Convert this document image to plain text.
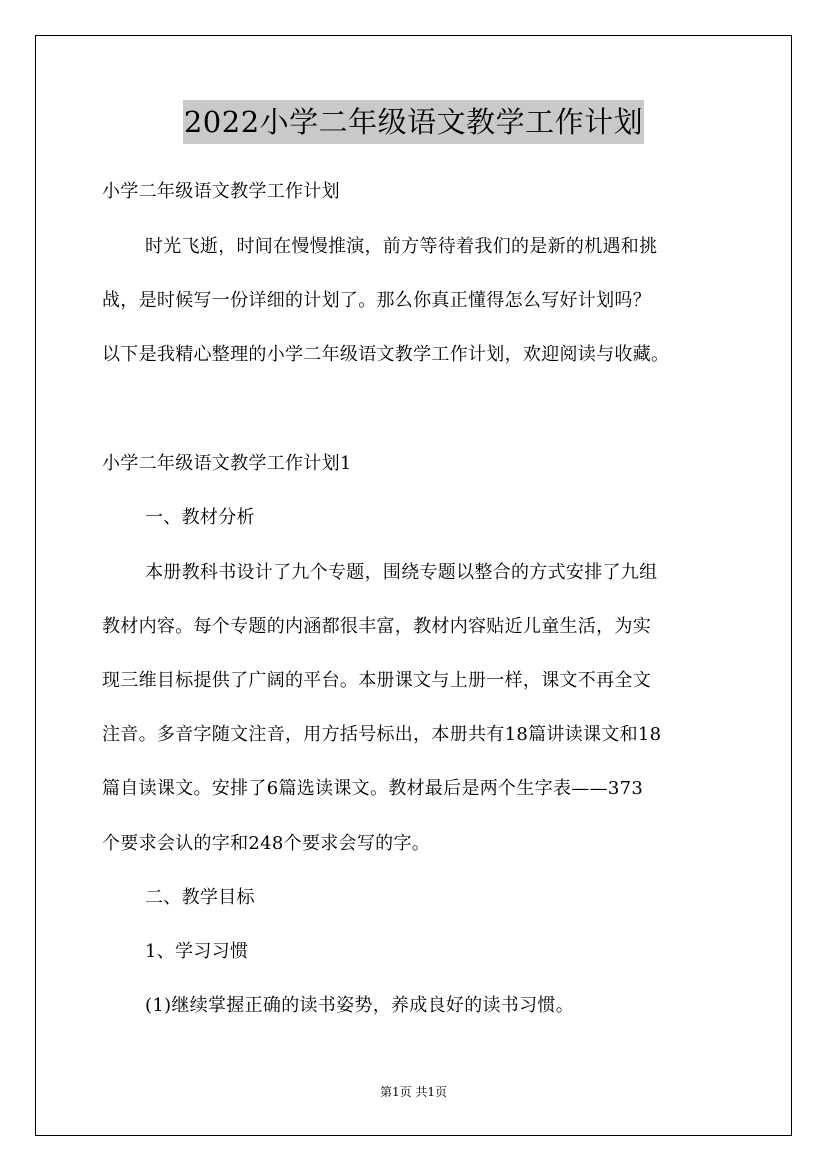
2022小学二年级语文教学工作计划

小学二年级语文教学工作计划

时光飞逝，时间在慢慢推演，前方等待着我们的是新的机遇和挑

战，是时候写一份详细的计划了。那么你真正懂得怎么写好计划吗？

以下是我精心整理的小学二年级语文教学工作计划，欢迎阅读与收藏。

小学二年级语文教学工作计划1

一、教材分析

本册教科书设计了九个专题，围绕专题以整合的方式安排了九组

教材内容。每个专题的内涵都很丰富，教材内容贴近儿童生活，为实

现三维目标提供了广阔的平台。本册课文与上册一样，课文不再全文

注音。多音字随文注音，用方括号标出，本册共有18篇讲读课文和18

篇自读课文。安排了6篇选读课文。教材最后是两个生字表——373

个要求会认的字和248个要求会写的字。

二、教学目标

1、学习习惯

(1)继续掌握正确的读书姿势，养成良好的读书习惯。

第1页 共1页
